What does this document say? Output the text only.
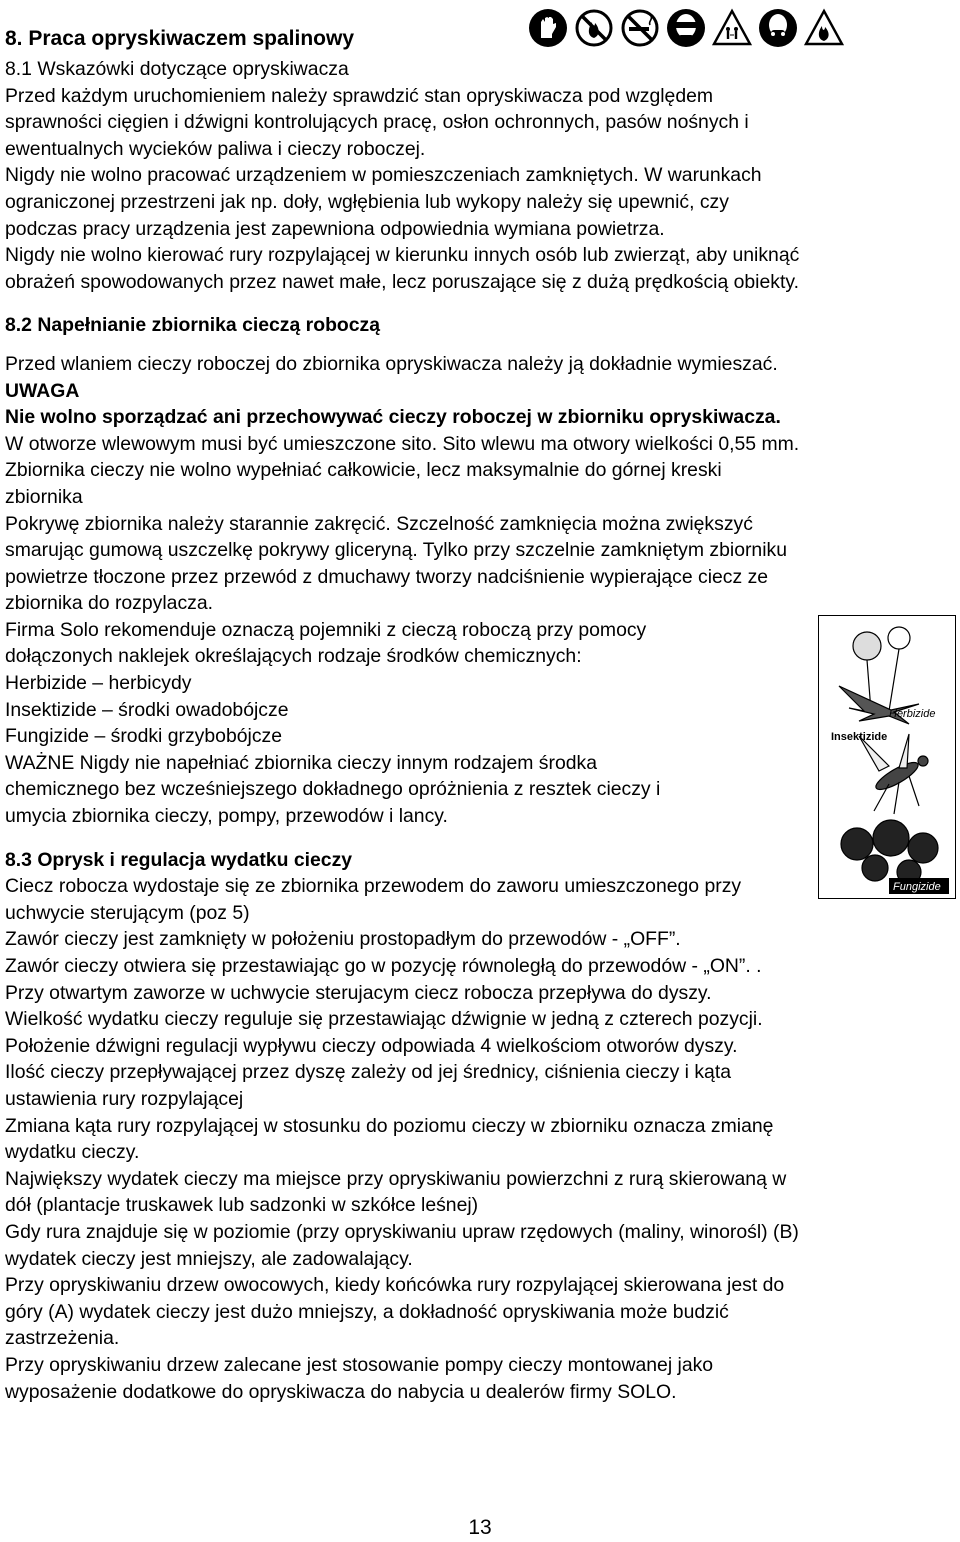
8. Praca opryskiwaczem spalinowy
8.1 Wskazówki dotyczące opryskiwacza
Przed każdym uruchomieniem należy sprawdzić stan opryskiwacza pod względem
sprawności cięgien i dźwigni kontrolujących pracę, osłon ochronnych, pasów nośnych i
ewentualnych wycieków paliwa i cieczy roboczej.
Nigdy nie wolno pracować urządzeniem w pomieszczeniach zamkniętych. W warunkach
ograniczonej przestrzeni jak np. doły, wgłębienia lub wykopy należy się upewnić, czy
podczas pracy urządzenia jest zapewniona odpowiednia wymiana powietrza.
Nigdy nie wolno kierować rury rozpylającej w kierunku innych osób lub zwierząt, aby uniknąć
obrażeń spowodowanych przez nawet małe, lecz poruszające się z dużą prędkością obiekty.
8.2 Napełnianie zbiornika cieczą roboczą
Przed wlaniem cieczy roboczej do zbiornika opryskiwacza należy ją dokładnie wymieszać.
UWAGA
Nie wolno sporządzać ani przechowywać cieczy roboczej w zbiorniku opryskiwacza.
W otworze wlewowym musi być umieszczone sito. Sito wlewu ma otwory wielkości 0,55 mm.
Zbiornika cieczy nie wolno wypełniać całkowicie, lecz maksymalnie do górnej kreski
zbiornika
Pokrywę zbiornika należy starannie zakręcić. Szczelność zamknięcia można zwiększyć
smarując gumową uszczelkę pokrywy gliceryną. Tylko przy szczelnie zamkniętym zbiorniku
powietrze tłoczone przez przewód z dmuchawy tworzy nadciśnienie wypierające ciecz ze
zbiornika do rozpylacza.
Firma Solo rekomenduje oznaczą pojemniki z cieczą roboczą przy pomocy
dołączonych naklejek określających rodzaje środków chemicznych:
Herbizide – herbicydy
Insektizide – środki owadobójcze
Fungizide – środki grzybobójcze
WAŻNE Nigdy nie napełniać zbiornika cieczy innym rodzajem środka
chemicznego bez wcześniejszego dokładnego opróżnienia z resztek cieczy i
umycia zbiornika cieczy, pompy, przewodów i lancy.
8.3 Oprysk i regulacja wydatku cieczy
Ciecz robocza wydostaje się ze zbiornika przewodem do zaworu umieszczonego przy
uchwycie sterującym (poz 5)
Zawór cieczy jest zamknięty w położeniu prostopadłym do przewodów - „OFF”.
Zawór cieczy otwiera się przestawiając go w pozycję równoległą do przewodów - „ON”. .
Przy otwartym zaworze w uchwycie sterujacym ciecz robocza przepływa do dyszy.
Wielkość wydatku cieczy reguluje się przestawiając dźwignie w jedną z czterech pozycji.
Położenie dźwigni regulacji wypływu cieczy odpowiada 4 wielkościom otworów dyszy.
Ilość cieczy przepływającej przez dyszę zależy od jej średnicy, ciśnienia cieczy i kąta
ustawienia rury rozpylającej
Zmiana kąta rury rozpylającej w stosunku do poziomu cieczy w zbiorniku oznacza zmianę
wydatku cieczy.
Największy wydatek cieczy ma miejsce przy opryskiwaniu powierzchni z rurą skierowaną w
dół (plantacje truskawek lub sadzonki w szkółce leśnej)
Gdy rura znajduje się w poziomie (przy opryskiwaniu upraw rzędowych (maliny, winorośl) (B)
wydatek cieczy jest mniejszy, ale zadowalający.
Przy opryskiwaniu drzew owocowych, kiedy końcówka rury rozpylającej skierowana jest do
góry (A) wydatek cieczy jest dużo mniejszy, a dokładność opryskiwania może budzić
zastrzeżenia.
Przy opryskiwaniu drzew zalecane jest stosowanie pompy cieczy montowanej jako
wyposażenie dodatkowe do opryskiwacza do nabycia u dealerów firmy SOLO.
Herbizide
Insektizide
Fungizide
13
